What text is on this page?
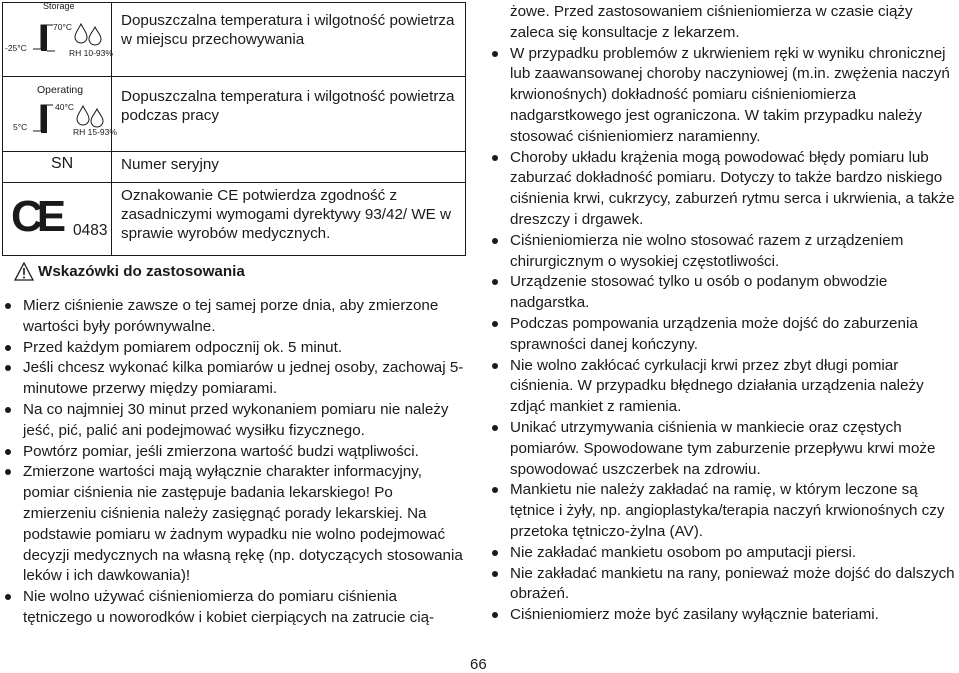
Storage
-25°C
70°C
RH 10-93%	Dopuszczalna temperatura i wilgotność powietrza w miejscu przechowywania

Operating
5°C
40°C
RH 15-93%	Dopuszczalna temperatura i wilgotność powietrza podczas pracy

SN	Numer seryjny

CE 0483	Oznakowanie CE potwierdza zgodność z zasadniczymi wymogami dyrektywy 93/42/ WE w sprawie wyrobów medycznych.
Wskazówki do zastosowania
Mierz ciśnienie zawsze o tej samej porze dnia, aby zmierzone wartości były porównywalne.
Przed każdym pomiarem odpocznij ok. 5 minut.
Jeśli chcesz wykonać kilka pomiarów u jednej osoby, zachowaj 5-minutowe przerwy między pomiarami.
Na co najmniej 30 minut przed wykonaniem pomiaru nie należy jeść, pić, palić ani podejmować wysiłku fizycznego.
Powtórz pomiar, jeśli zmierzona wartość budzi wątpliwości.
Zmierzone wartości mają wyłącznie charakter informacyjny, pomiar ciśnienia nie zastępuje badania lekarskiego! Po zmierzeniu ciśnienia należy zasięgnąć porady lekarskiej. Na podstawie pomiaru w żadnym wypadku nie wolno podejmować decyzji medycznych na własną rękę (np. dotyczących stosowania leków i ich dawkowania)!
Nie wolno używać ciśnieniomierza do pomiaru ciśnienia tętniczego u noworodków i kobiet cierpiących na zatrucie cią-
żowe. Przed zastosowaniem ciśnieniomierza w czasie ciąży zaleca się konsultacje z lekarzem.
W przypadku problemów z ukrwieniem ręki w wyniku chronicznej lub zaawansowanej choroby naczyniowej (m.in. zwężenia naczyń krwionośnych) dokładność pomiaru ciśnieniomierza nadgarstkowego jest ograniczona. W takim przypadku należy stosować ciśnieniomierz naramienny.
Choroby układu krążenia mogą powodować błędy pomiaru lub zaburzać dokładność pomiaru. Dotyczy to także bardzo niskiego ciśnienia krwi, cukrzycy, zaburzeń rytmu serca i ukrwienia, a także dreszczy i drgawek.
Ciśnieniomierza nie wolno stosować razem z urządzeniem chirurgicznym o wysokiej częstotliwości.
Urządzenie stosować tylko u osób o podanym obwodzie nadgarstka.
Podczas pompowania urządzenia może dojść do zaburzenia sprawności danej kończyny.
Nie wolno zakłócać cyrkulacji krwi przez zbyt długi pomiar ciśnienia. W przypadku błędnego działania urządzenia należy zdjąć mankiet z ramienia.
Unikać utrzymywania ciśnienia w mankiecie oraz częstych pomiarów. Spowodowane tym zaburzenie przepływu krwi może spowodować uszczerbek na zdrowiu.
Mankietu nie należy zakładać na ramię, w którym leczone są tętnice i żyły, np. angioplastyka/terapia naczyń krwionośnych czy przetoka tętniczo-żylna (AV).
Nie zakładać mankietu osobom po amputacji piersi.
Nie zakładać mankietu na rany, ponieważ może dojść do dalszych obrażeń.
Ciśnieniomierz może być zasilany wyłącznie bateriami.
66
